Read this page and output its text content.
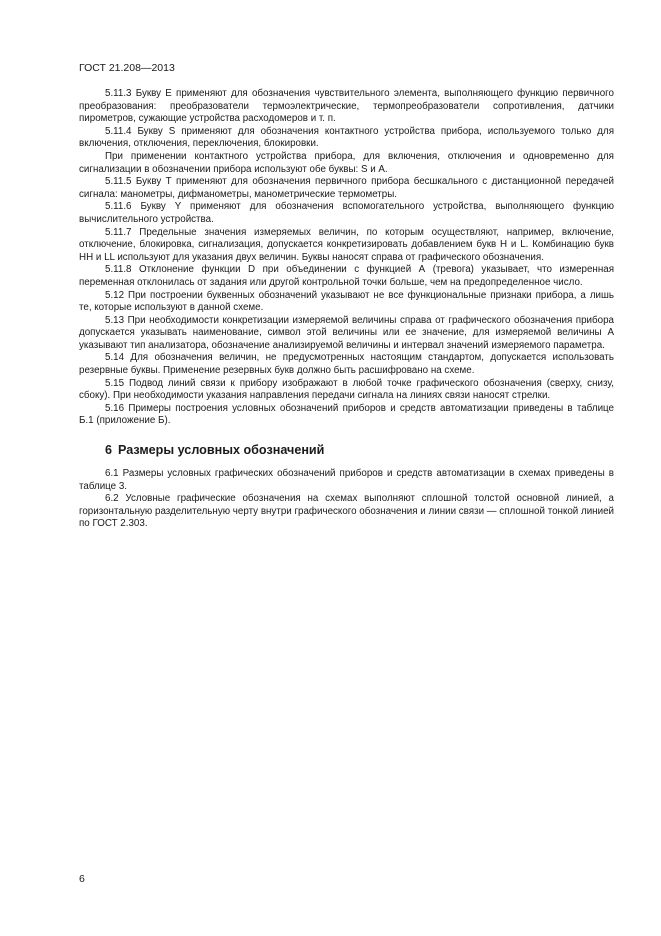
ГОСТ 21.208—2013

5.11.3 Букву Е применяют для обозначения чувствительного элемента, выполняющего функцию первичного преобразования: преобразователи термоэлектрические, термопреобразователи сопротивления, датчики пирометров, сужающие устройства расходомеров и т. п.

5.11.4 Букву S применяют для обозначения контактного устройства прибора, используемого только для включения, отключения, переключения, блокировки.

При применении контактного устройства прибора, для включения, отключения и одновременно для сигнализации в обозначении прибора используют обе буквы: S и А.

5.11.5 Букву Т применяют для обозначения первичного прибора бесшкального с дистанционной передачей сигнала: манометры, дифманометры, манометрические термометры.

5.11.6 Букву Y применяют для обозначения вспомогательного устройства, выполняющего функцию вычислительного устройства.

5.11.7 Предельные значения измеряемых величин, по которым осуществляют, например, включение, отключение, блокировка, сигнализация, допускается конкретизировать добавлением букв Н и L. Комбинацию букв НН и LL используют для указания двух величин. Буквы наносят справа от графического обозначения.

5.11.8 Отклонение функции D при объединении с функцией А (тревога) указывает, что измеренная переменная отклонилась от задания или другой контрольной точки больше, чем на предопределенное число.

5.12 При построении буквенных обозначений указывают не все функциональные признаки прибора, а лишь те, которые используют в данной схеме.

5.13 При необходимости конкретизации измеряемой величины справа от графического обозначения прибора допускается указывать наименование, символ этой величины или ее значение, для измеряемой величины А указывают тип анализатора, обозначение анализируемой величины и интервал значений измеряемого параметра.

5.14 Для обозначения величин, не предусмотренных настоящим стандартом, допускается использовать резервные буквы. Применение резервных букв должно быть расшифровано на схеме.

5.15 Подвод линий связи к прибору изображают в любой точке графического обозначения (сверху, снизу, сбоку). При необходимости указания направления передачи сигнала на линиях связи наносят стрелки.

5.16 Примеры построения условных обозначений приборов и средств автоматизации приведены в таблице Б.1 (приложение Б).

6 Размеры условных обозначений

6.1 Размеры условных графических обозначений приборов и средств автоматизации в схемах приведены в таблице 3.

6.2 Условные графические обозначения на схемах выполняют сплошной толстой основной линией, а горизонтальную разделительную черту внутри графического обозначения и линии связи — сплошной тонкой линией по ГОСТ 2.303.

6
